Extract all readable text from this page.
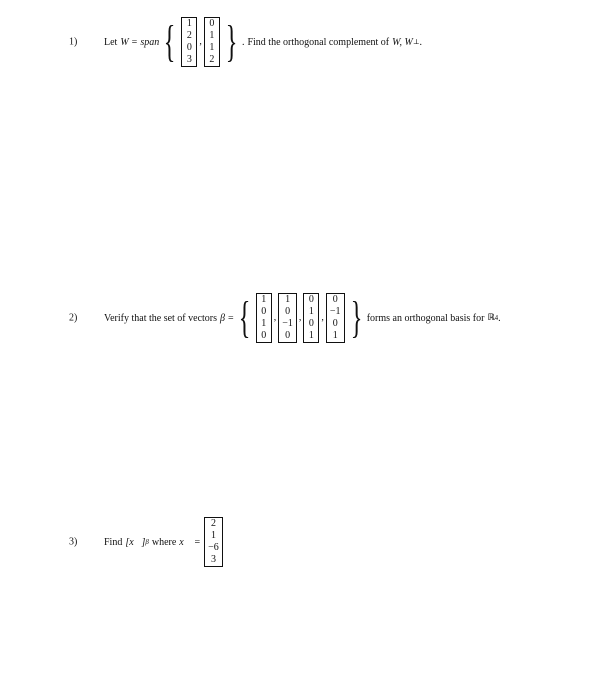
1)	Let W = span { 1
2
0
3
,
0
1
1
2 } . Find the orthogonal complement of W, W ⊥ .
2)	Verify that the set of vectors β = { 1
0
1
0
,
1
0
−1
0
,
0
1
0
1
,
0
−1
0
1 } forms an orthogonal basis for ℝ 4 .
3)	Find [x⃗] β where x⃗ =
2
1
−6
3
